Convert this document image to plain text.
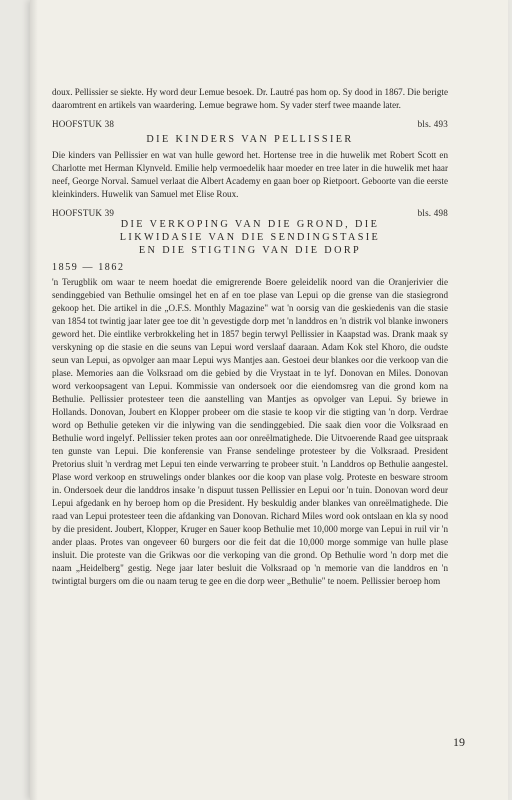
doux. Pellissier se siekte. Hy word deur Lemue besoek. Dr. Lautré pas hom op. Sy dood in 1867. Die berigte daaromtrent en artikels van waardering. Lemue begrawe hom. Sy vader sterf twee maande later.

HOOFSTUK 38	bls. 493
DIE KINDERS VAN PELLISSIER

Die kinders van Pellissier en wat van hulle geword het. Hortense tree in die huwelik met Robert Scott en Charlotte met Herman Klynveld. Emilie help vermoedelik haar moeder en tree later in die huwelik met haar neef, George Norval. Samuel verlaat die Albert Academy en gaan boer op Rietpoort. Geboorte van die eerste kleinkinders. Huwelik van Samuel met Elise Roux.

HOOFSTUK 39	bls. 498
DIE VERKOPING VAN DIE GROND, DIE
LIKWIDASIE VAN DIE SENDINGSTASIE
EN DIE STIGTING VAN DIE DORP
1859 — 1862

'n Terugblik om waar te neem hoedat die emigrerende Boere geleidelik noord van die Oranjerivier die sendinggebied van Bethulie omsingel het en af en toe plase van Lepui op die grense van die stasiegrond gekoop het. Die artikel in die „O.F.S. Monthly Magazine" wat 'n oorsig van die geskiedenis van die stasie van 1854 tot twintig jaar later gee toe dit 'n gevestigde dorp met 'n landdros en 'n distrik vol blanke inwoners geword het. Die eintlike verbrokkeling het in 1857 begin terwyl Pellissier in Kaapstad was. Drank maak sy verskyning op die stasie en die seuns van Lepui word verslaaf daaraan. Adam Kok stel Khoro, die oudste seun van Lepui, as opvolger aan maar Lepui wys Mantjes aan. Gestoei deur blankes oor die verkoop van die plase. Memories aan die Volksraad om die gebied by die Vrystaat in te lyf. Donovan en Miles. Donovan word verkoopsagent van Lepui. Kommissie van ondersoek oor die eiendomsreg van die grond kom na Bethulie. Pellissier protesteer teen die aanstelling van Mantjes as opvolger van Lepui. Sy briewe in Hollands. Donovan, Joubert en Klopper probeer om die stasie te koop vir die stigting van 'n dorp. Verdrae word op Bethulie geteken vir die inlywing van die sendinggebied. Die saak dien voor die Volksraad en Bethulie word ingelyf. Pellissier teken protes aan oor onreëlmatighede. Die Uitvoerende Raad gee uitspraak ten gunste van Lepui. Die konferensie van Franse sendelinge protesteer by die Volksraad. President Pretorius sluit 'n verdrag met Lepui ten einde verwarring te probeer stuit. 'n Landdros op Bethulie aangestel. Plase word verkoop en struwelings onder blankes oor die koop van plase volg. Proteste en besware stroom in. Ondersoek deur die landdros insake 'n dispuut tussen Pellissier en Lepui oor 'n tuin. Donovan word deur Lepui afgedank en hy beroep hom op die President. Hy beskuldig ander blankes van onreëlmatighede. Die raad van Lepui protesteer teen die afdanking van Donovan. Richard Miles word ook ontslaan en kla sy nood by die president. Joubert, Klopper, Kruger en Sauer koop Bethulie met 10,000 morge van Lepui in ruil vir 'n ander plaas. Protes van ongeveer 60 burgers oor die feit dat die 10,000 morge sommige van hulle plase insluit. Die proteste van die Grikwas oor die verkoping van die grond. Op Bethulie word 'n dorp met die naam „Heidelberg" gestig. Nege jaar later besluit die Volksraad op 'n memorie van die landdros en 'n twintigtal burgers om die ou naam terug te gee en die dorp weer „Bethulie" te noem. Pellissier beroep hom

19
